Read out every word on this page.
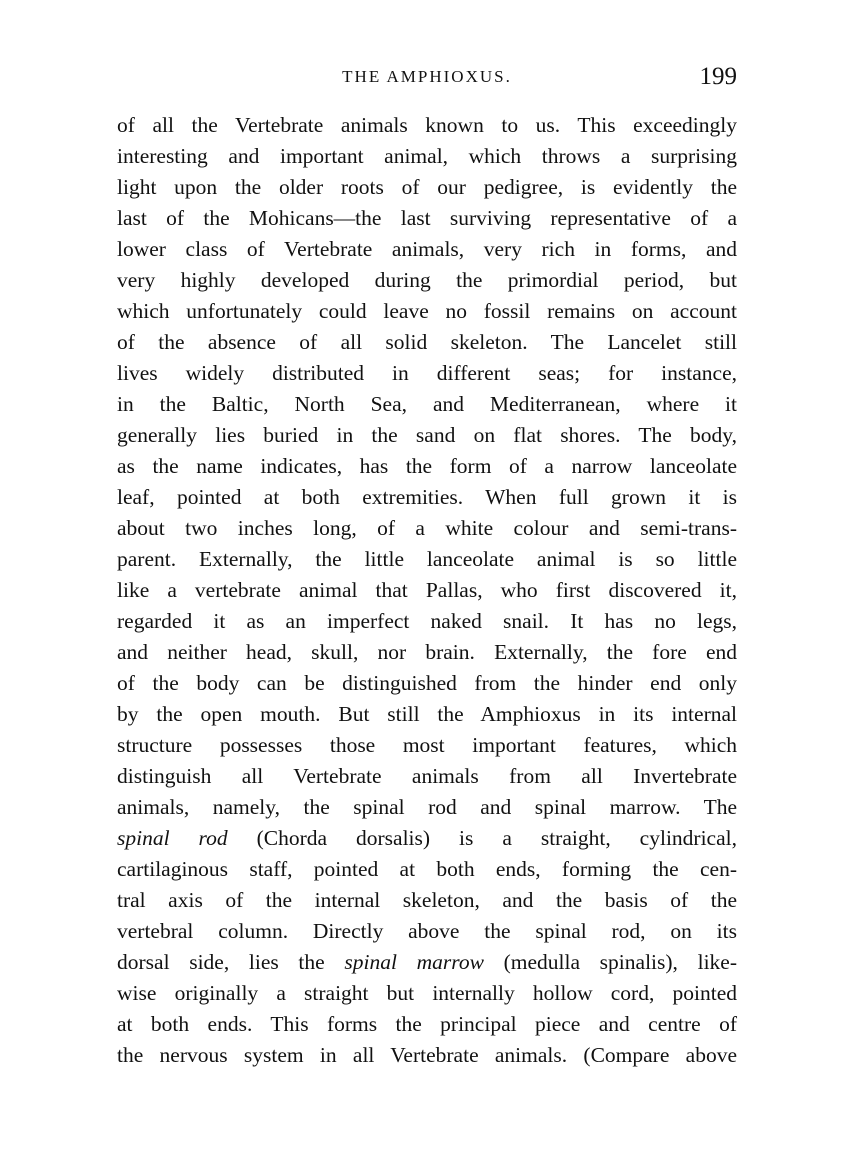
THE AMPHIOXUS.	199
of all the Vertebrate animals known to us. This exceedingly
interesting and important animal, which throws a surprising
light upon the older roots of our pedigree, is evidently the
last of the Mohicans—the last surviving representative of a
lower class of Vertebrate animals, very rich in forms, and
very highly developed during the primordial period, but
which unfortunately could leave no fossil remains on account
of the absence of all solid skeleton. The Lancelet still
lives widely distributed in different seas; for instance,
in the Baltic, North Sea, and Mediterranean, where it
generally lies buried in the sand on flat shores. The body,
as the name indicates, has the form of a narrow lanceolate
leaf, pointed at both extremities. When full grown it is
about two inches long, of a white colour and semi-trans-
parent. Externally, the little lanceolate animal is so little
like a vertebrate animal that Pallas, who first discovered it,
regarded it as an imperfect naked snail. It has no legs,
and neither head, skull, nor brain. Externally, the fore end
of the body can be distinguished from the hinder end only
by the open mouth. But still the Amphioxus in its internal
structure possesses those most important features, which
distinguish all Vertebrate animals from all Invertebrate
animals, namely, the spinal rod and spinal marrow. The
spinal rod (Chorda dorsalis) is a straight, cylindrical,
cartilaginous staff, pointed at both ends, forming the cen-
tral axis of the internal skeleton, and the basis of the
vertebral column. Directly above the spinal rod, on its
dorsal side, lies the spinal marrow (medulla spinalis), like-
wise originally a straight but internally hollow cord, pointed
at both ends. This forms the principal piece and centre of
the nervous system in all Vertebrate animals. (Compare above
